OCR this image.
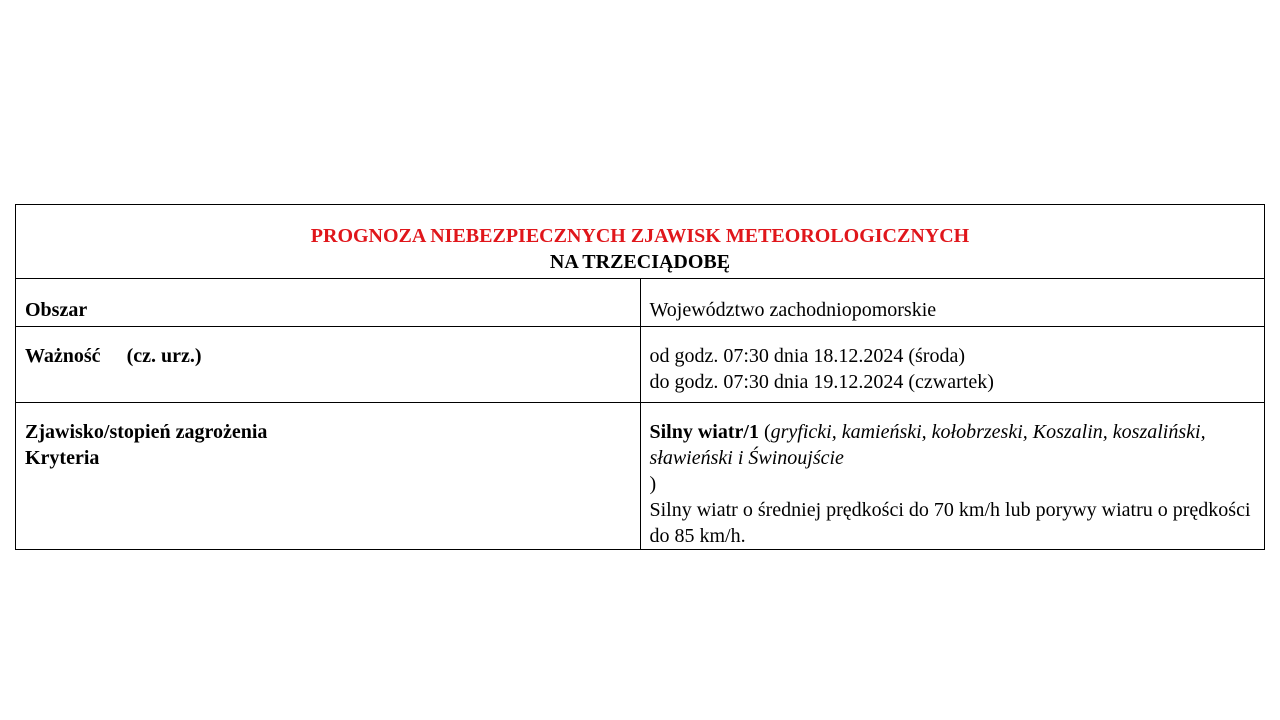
PROGNOZA NIEBEZPIECZNYCH ZJAWISK METEOROLOGICZNYCH
NA TRZECIĄDOBĘ	

Obszar	Województwo zachodniopomorskie
Ważność (cz. urz.)	od godz. 07:30 dnia 18.12.2024 (środa)
do godz. 07:30 dnia 19.12.2024 (czwartek)

Zjawisko/stopień zagrożenia
Kryteria	Silny wiatr/1 (gryficki, kamieński, kołobrzeski, Koszalin, koszaliński, sławieński i Świnoujście
)
Silny wiatr o średniej prędkości do 70 km/h lub porywy wiatru o prędkości do 85 km/h.
